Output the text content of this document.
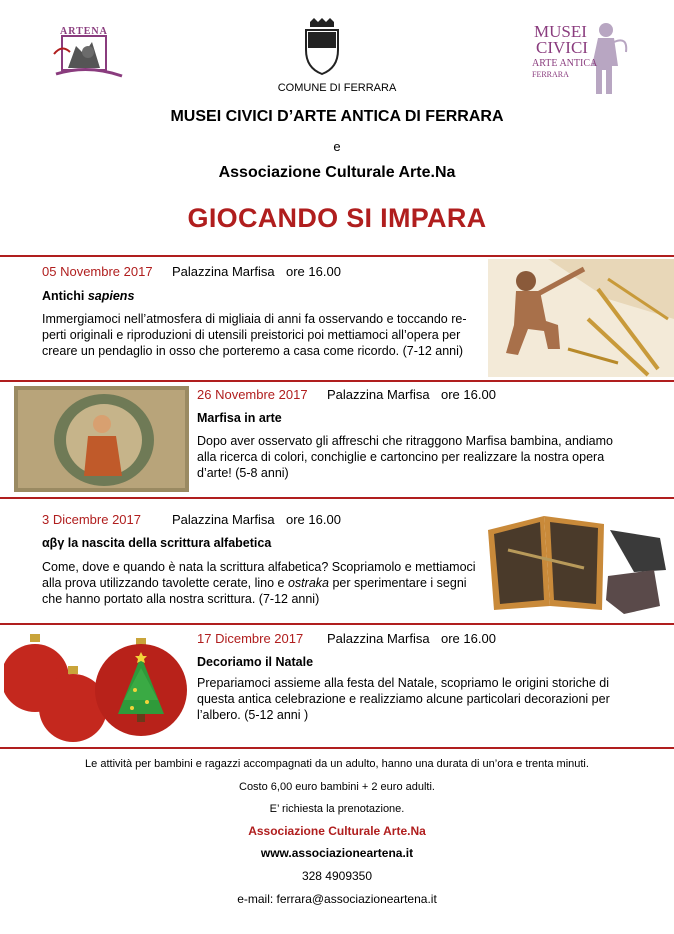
ARTENA
COMUNE DI FERRARA
MUSEI
CIVICI
ARTE ANTICA
FERRARA
MUSEI CIVICI D’ARTE ANTICA DI FERRARA
e
Associazione Culturale Arte.Na
GIOCANDO SI IMPARA
05 Novembre 2017 Palazzina Marfisa ore 16.00
Antichi sapiens
Immergiamoci nell’atmosfera di migliaia di anni fa osservando e toccando re-
perti originali e riproduzioni di utensili preistorici poi mettiamoci all’opera per
creare un pendaglio in osso che porteremo a casa come ricordo. (7-12 anni)
26 Novembre 2017 Palazzina Marfisa ore 16.00
Marfisa in arte
Dopo aver osservato gli affreschi che ritraggono Marfisa bambina, andiamo
alla ricerca di colori, conchiglie e cartoncino per realizzare la nostra opera
d’arte! (5-8 anni)
3 Dicembre 2017 Palazzina Marfisa ore 16.00
αβγ la nascita della scrittura alfabetica
Come, dove e quando è nata la scrittura alfabetica? Scopriamolo e mettiamoci
alla prova utilizzando tavolette cerate, lino e ostraka per sperimentare i segni
che hanno portato alla nostra scrittura. (7-12 anni)
17 Dicembre 2017 Palazzina Marfisa ore 16.00
Decoriamo il Natale
Prepariamoci assieme alla festa del Natale, scopriamo le origini storiche di
questa antica celebrazione e realizziamo alcune particolari decorazioni per
l’albero. (5-12 anni )
Le attività per bambini e ragazzi accompagnati da un adulto, hanno una durata di un’ora e trenta minuti.
Costo 6,00 euro bambini + 2 euro adulti.
E’ richiesta la prenotazione.
Associazione Culturale Arte.Na
www.associazioneartena.it
328 4909350
e-mail: ferrara@associazioneartena.it
